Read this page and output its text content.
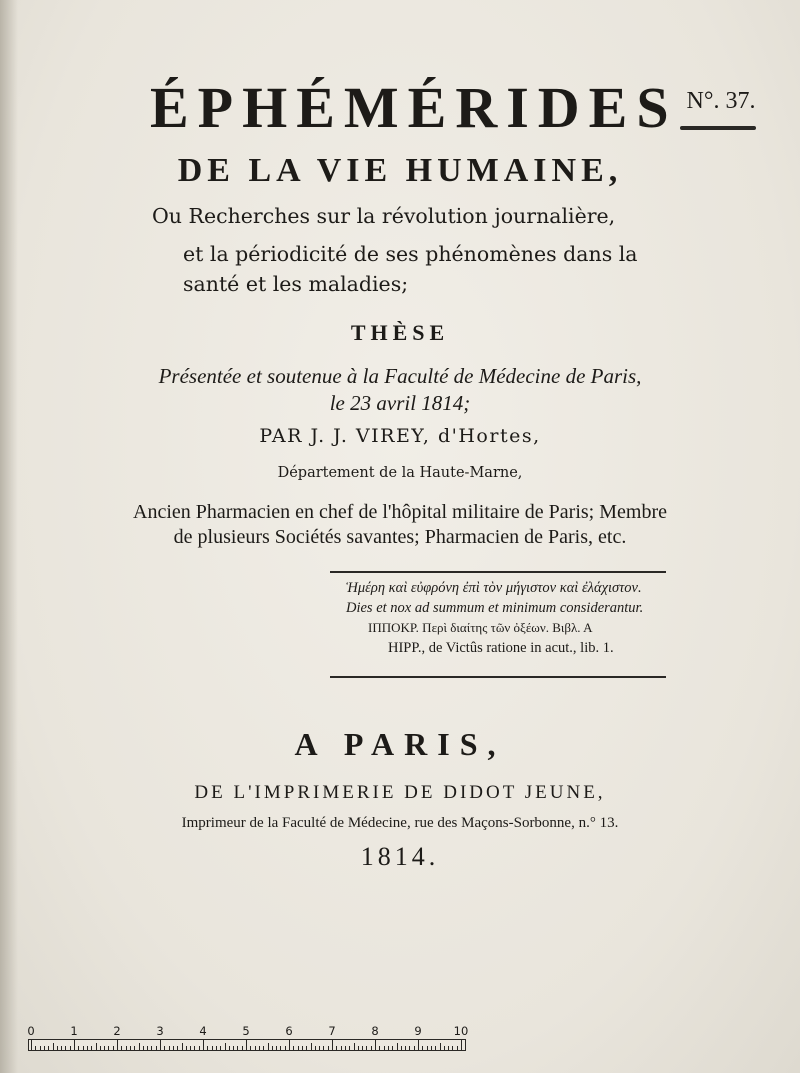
ÉPHÉMÉRIDES N°. 37.
DE LA VIE HUMAINE,
Ou Recherches sur la révolution journalière,
et la périodicité de ses phénomènes dans la
santé et les maladies;
THÈSE
Présentée et soutenue à la Faculté de Médecine de Paris,
le 23 avril 1814;
PAR J. J. VIREY, d'Hortes,
Département de la Haute-Marne,
Ancien Pharmacien en chef de l'hôpital militaire de Paris; Membre
de plusieurs Sociétés savantes; Pharmacien de Paris, etc.
Ἡμέρη καὶ εὐφρόνη ἐπὶ τὸν μήγιστον καὶ ἐλάχιστον.
Dies et nox ad summum et minimum considerantur.
ΙΠΠΟΚΡ. Περὶ διαίτης τῶν ὀξέων. Βιβλ. Α
HIPP., de Victûs ratione in acut., lib. 1.
A PARIS,
DE L'IMPRIMERIE DE DIDOT JEUNE,
Imprimeur de la Faculté de Médecine, rue des Maçons-Sorbonne, n.° 13.
1814.
0	1	2	3	4	5	6	7	8	9	10
